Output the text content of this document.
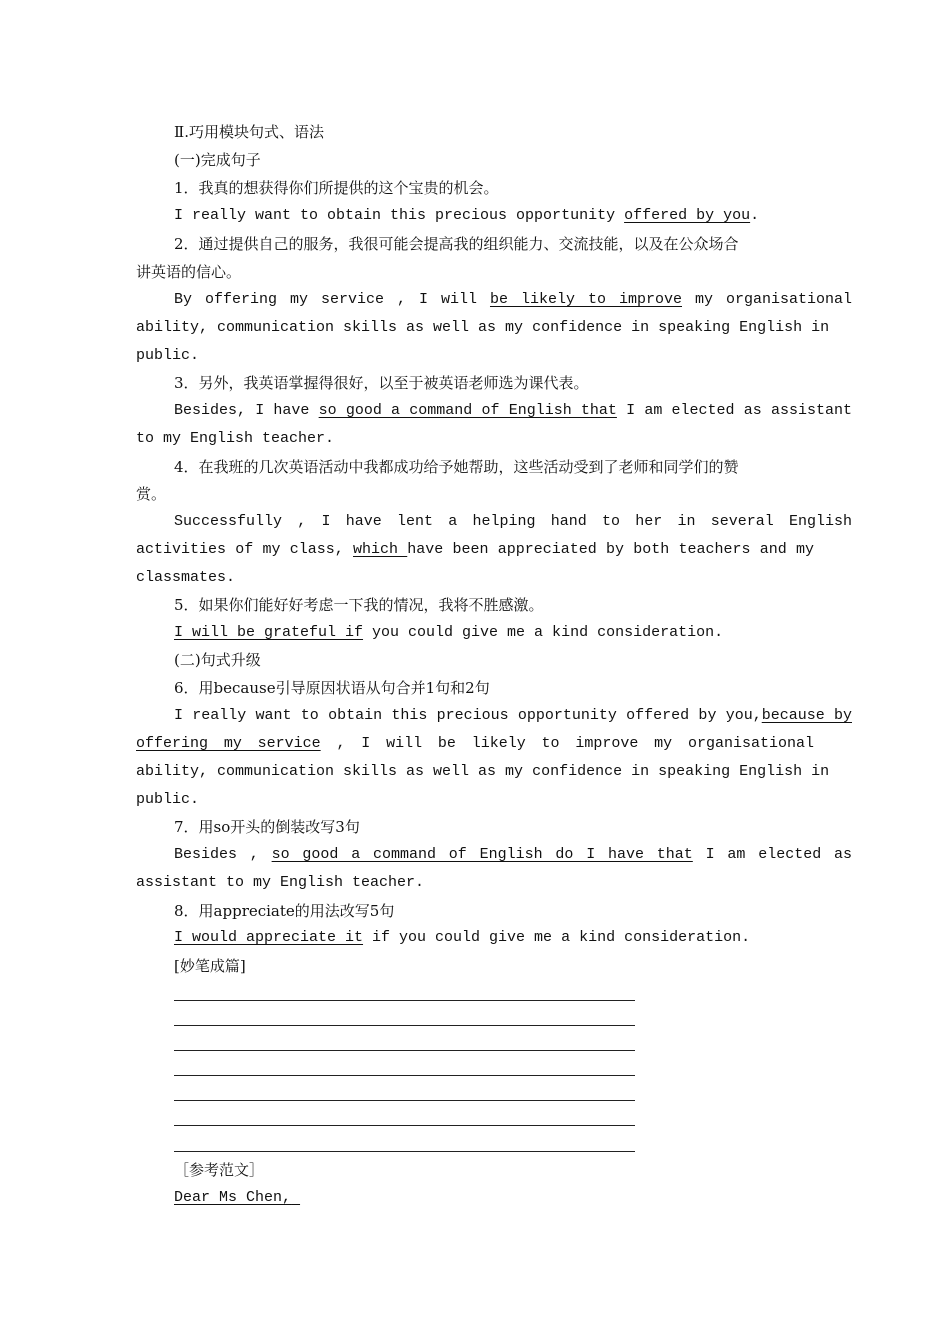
Ⅱ.巧用模块句式、语法
(一)完成句子
1．我真的想获得你们所提供的这个宝贵的机会。
I really want to obtain this precious opportunity offered by you.
2．通过提供自己的服务，我很可能会提高我的组织能力、交流技能，以及在公众场合
讲英语的信心。
By offering my service , I will be likely to improve my organisational
ability, communication skills as well as my confidence in speaking English in
public.
3．另外，我英语掌握得很好，以至于被英语老师选为课代表。
Besides, I have so good a command of English that I am elected as assistant
to my English teacher.
4．在我班的几次英语活动中我都成功给予她帮助，这些活动受到了老师和同学们的赞
赏。
Successfully , I have lent a helping hand to her in several English
activities of my class, which have been appreciated by both teachers and my
classmates.
5．如果你们能好好考虑一下我的情况，我将不胜感激。
I will be grateful if you could give me a kind consideration.
(二)句式升级
6．用because引导原因状语从句合并1句和2句
I really want to obtain this precious opportunity offered by you,because by
offering my service , I will be likely to improve my organisational
ability, communication skills as well as my confidence in speaking English in
public.
7．用so开头的倒装改写3句
Besides , so good a command of English do I have that I am elected as
assistant to my English teacher.
8．用appreciate的用法改写5句
I would appreciate it if you could give me a kind consideration.
[妙笔成篇]
［参考范文］
Dear Ms Chen,
